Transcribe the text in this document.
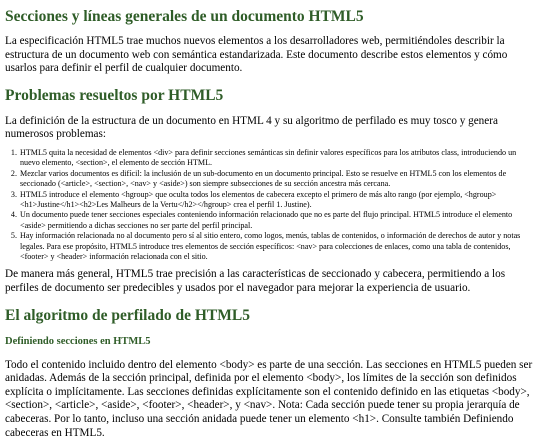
Secciones y líneas generales de un documento HTML5

La especificación HTML5 trae muchos nuevos elementos a los desarrolladores web, permitiéndoles describir la estructura de un documento web con semántica estandarizada. Este documento describe estos elementos y cómo usarlos para definir el perfil de cualquier documento.

Problemas resueltos por HTML5

La definición de la estructura de un documento en HTML 4 y su algoritmo de perfilado es muy tosco y genera numerosos problemas:

1. HTML5 quita la necesidad de elementos <div> para definir secciones semánticas sin definir valores específicos para los atributos class, introduciendo un nuevo elemento, <section>, el elemento de sección HTML.
2. Mezclar varios documentos es difícil: la inclusión de un sub-documento en un documento principal. Esto se resuelve en HTML5 con los elementos de seccionado (<article>, <section>, <nav> y <aside>) son siempre subsecciones de su sección ancestra más cercana.
3. HTML5 introduce el elemento <hgroup> que oculta todos los elementos de cabecera excepto el primero de más alto rango (por ejemplo, <hgroup><h1>Justine</h1><h2>Les Malheurs de la Vertu</h2></hgroup> crea el perfil 1. Justine).
4. Un documento puede tener secciones especiales conteniendo información relacionado que no es parte del flujo principal. HTML5 introduce el elemento <aside> permitiendo a dichas secciones no ser parte del perfil principal.
5. Hay información relacionada no al documento pero sí al sitio entero, como logos, menús, tablas de contenidos, o información de derechos de autor y notas legales. Para ese propósito, HTML5 introduce tres elementos de sección específicos: <nav> para colecciones de enlaces, como una tabla de contenidos, <footer> y <header> información relacionada con el sitio.

De manera más general, HTML5 trae precisión a las características de seccionado y cabecera, permitiendo a los perfiles de documento ser predecibles y usados por el navegador para mejorar la experiencia de usuario.

El algoritmo de perfilado de HTML5
Definiendo secciones en HTML5

Todo el contenido incluido dentro del elemento <body> es parte de una sección. Las secciones en HTML5 pueden ser anidadas. Además de la sección principal, definida por el elemento <body>, los límites de la sección son definidos explícita o implícitamente. Las secciones definidas explícitamente son el contenido definido en las etiquetas <body>, <section>, <article>, <aside>, <footer>, <header>, y <nav>. Nota: Cada sección puede tener su propia jerarquía de cabeceras. Por lo tanto, incluso una sección anidada puede tener un elemento <h1>. Consulte también Definiendo cabeceras en HTML5.
